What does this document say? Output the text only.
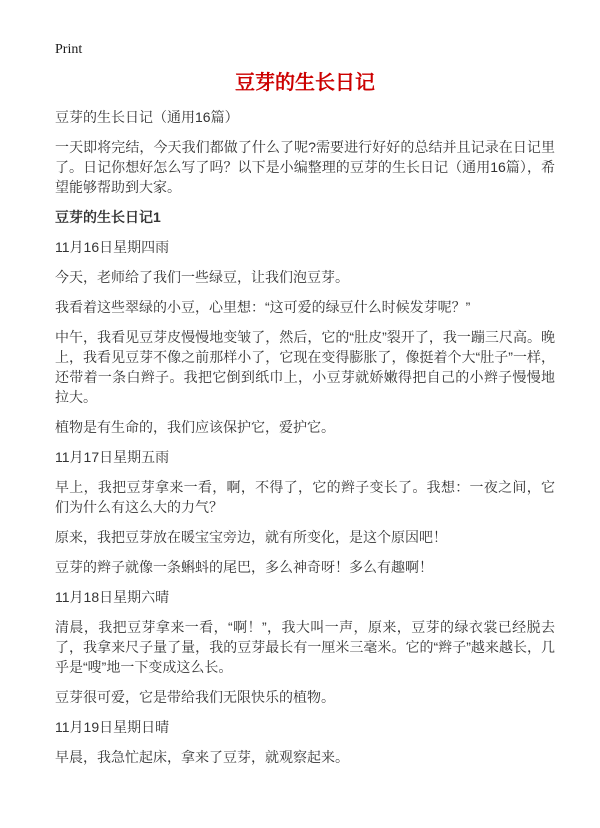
Print
豆芽的生长日记

豆芽的生长日记（通用16篇）

一天即将完结，今天我们都做了什么了呢?需要进行好好的总结并且记录在日记里了。日记你想好怎么写了吗？以下是小编整理的豆芽的生长日记（通用16篇），希望能够帮助到大家。

豆芽的生长日记1

11月16日星期四雨

今天，老师给了我们一些绿豆，让我们泡豆芽。

我看着这些翠绿的小豆，心里想：“这可爱的绿豆什么时候发芽呢？”

中午，我看见豆芽皮慢慢地变皱了，然后，它的“肚皮”裂开了，我一蹦三尺高。晚上，我看见豆芽不像之前那样小了，它现在变得膨胀了，像挺着个大“肚子”一样，还带着一条白辫子。我把它倒到纸巾上，小豆芽就娇嫩得把自己的小辫子慢慢地拉大。

植物是有生命的，我们应该保护它，爱护它。

11月17日星期五雨

早上，我把豆芽拿来一看，啊，不得了，它的辫子变长了。我想：一夜之间，它们为什么有这么大的力气？

原来，我把豆芽放在暖宝宝旁边，就有所变化，是这个原因吧！

豆芽的辫子就像一条蝌蚪的尾巴，多么神奇呀！多么有趣啊！

11月18日星期六晴

清晨，我把豆芽拿来一看，“啊！”，我大叫一声，原来，豆芽的绿衣裳已经脱去了，我拿来尺子量了量，我的豆芽最长有一厘米三毫米。它的“辫子”越来越长，几乎是“嗖”地一下变成这么长。

豆芽很可爱，它是带给我们无限快乐的植物。

11月19日星期日晴

早晨，我急忙起床，拿来了豆芽，就观察起来。
